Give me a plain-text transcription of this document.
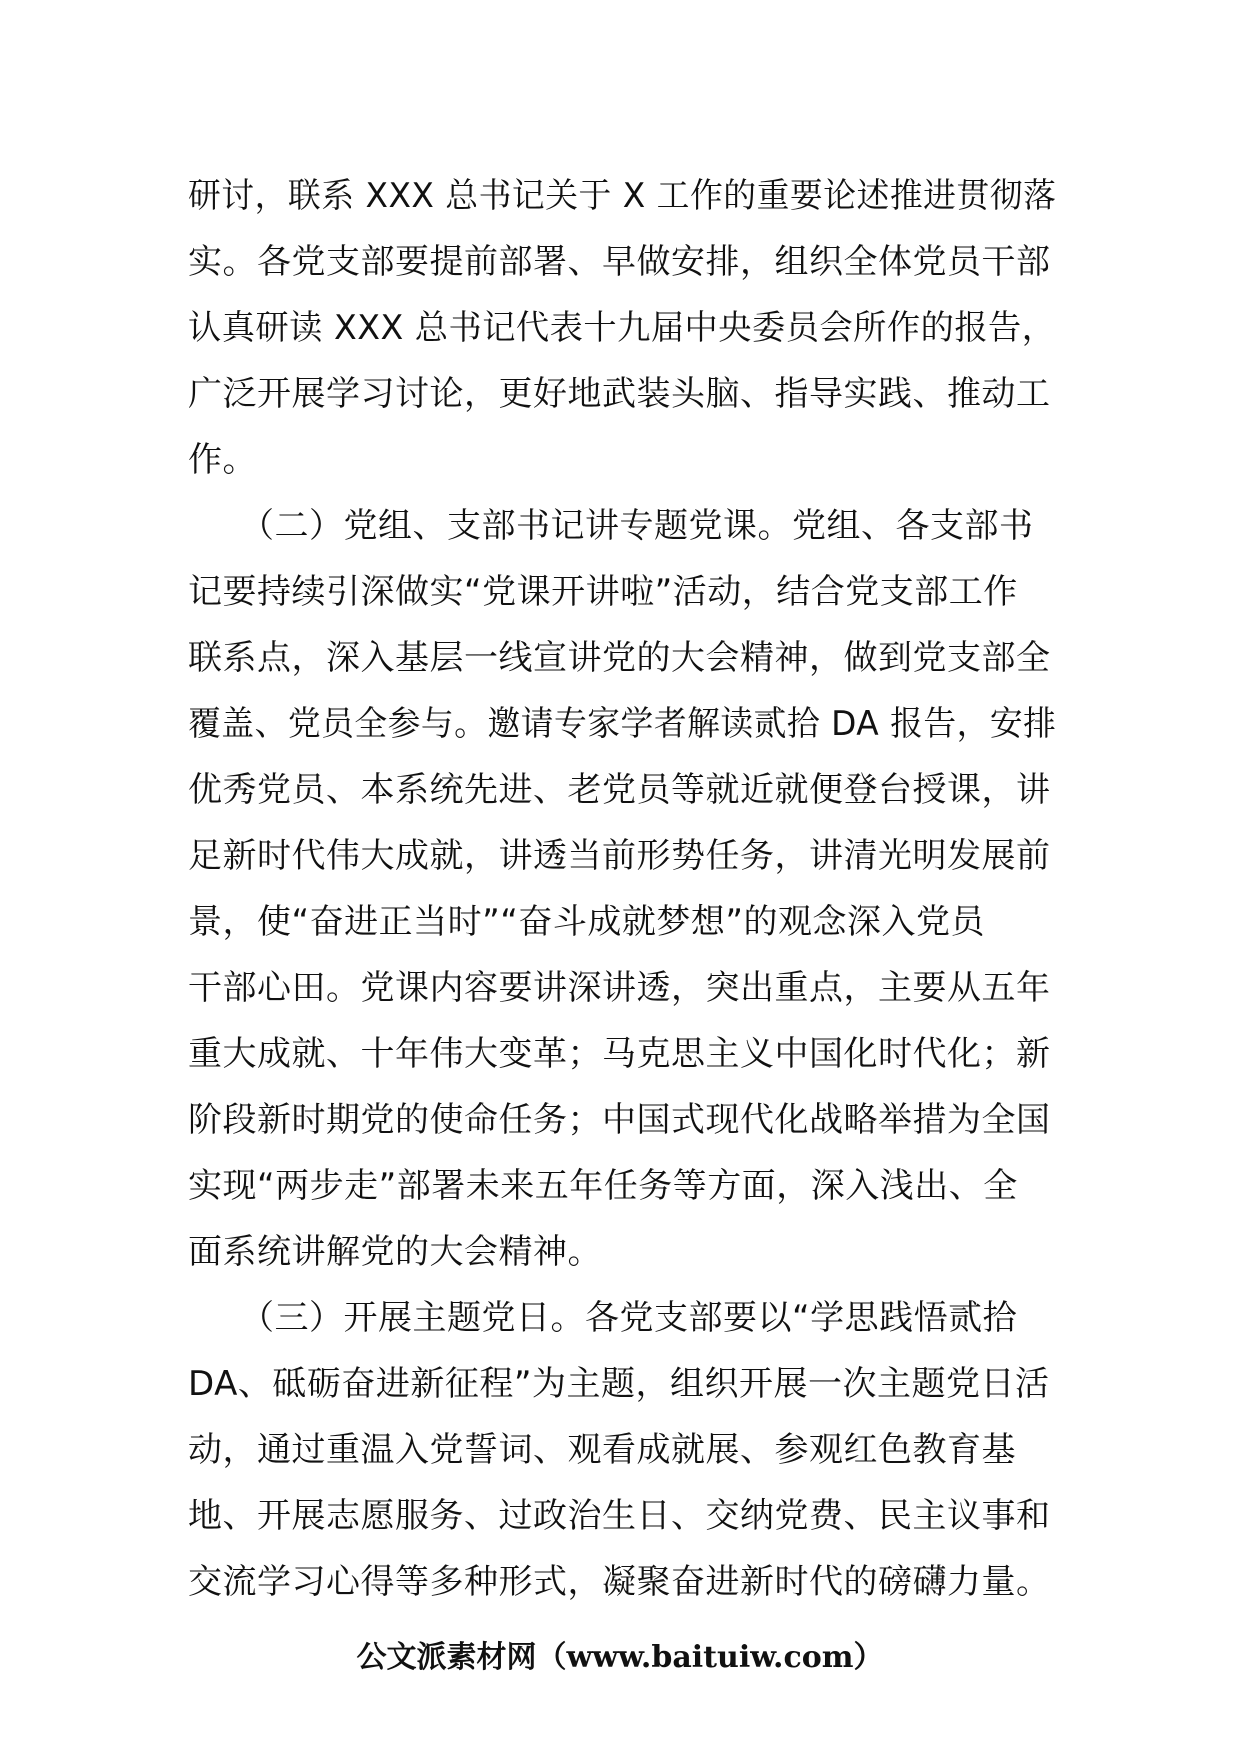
研讨，联系 XXX 总书记关于 X 工作的重要论述推进贯彻落
实。各党支部要提前部署、早做安排，组织全体党员干部
认真研读 XXX 总书记代表十九届中央委员会所作的报告，
广泛开展学习讨论，更好地武装头脑、指导实践、推动工
作。
　　（二）党组、支部书记讲专题党课。党组、各支部书
记要持续引深做实“党课开讲啦”活动，结合党支部工作
联系点，深入基层一线宣讲党的大会精神，做到党支部全
覆盖、党员全参与。邀请专家学者解读贰拾 DA 报告，安排
优秀党员、本系统先进、老党员等就近就便登台授课，讲
足新时代伟大成就，讲透当前形势任务，讲清光明发展前
景，使“奋进正当时”“奋斗成就梦想”的观念深入党员
干部心田。党课内容要讲深讲透，突出重点，主要从五年
重大成就、十年伟大变革；马克思主义中国化时代化；新
阶段新时期党的使命任务；中国式现代化战略举措为全国
实现“两步走”部署未来五年任务等方面，深入浅出、全
面系统讲解党的大会精神。
　　（三）开展主题党日。各党支部要以“学思践悟贰拾
DA、砥砺奋进新征程”为主题，组织开展一次主题党日活
动，通过重温入党誓词、观看成就展、参观红色教育基
地、开展志愿服务、过政治生日、交纳党费、民主议事和
交流学习心得等多种形式，凝聚奋进新时代的磅礴力量。
公文派素材网（www.baituiw.com）
